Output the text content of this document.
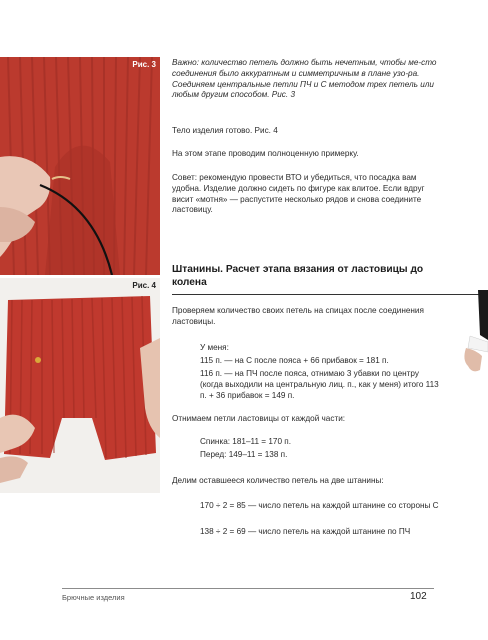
Рис. 3
Рис. 4

Важно: количество петель должно быть нечетным, чтобы ме-сто соединения было аккуратным и симметричным в плане узо-ра. Соединяем центральные петли ПЧ и С методом трех петель или любым другим способом. Рис. 3

Тело изделия готово. Рис. 4

На этом этапе проводим полноценную примерку.

Совет: рекомендую провести ВТО и убедиться, что посадка вам удобна. Изделие должно сидеть по фигуре как влитое. Если вдруг висит «мотня» — распустите несколько рядов и снова соедините ластовицу.

Штанины. Расчет этапа вязания от ластовицы до колена

Проверяем количество своих петель на спицах после соединения ластовицы.

У меня:

115 п. — на С после пояса + 66 прибавок = 181 п.

116 п. — на ПЧ после пояса, отнимаю 3 убавки по центру (когда выходили на центральную лиц. п., как у меня) итого 113 п. + 36 прибавок = 149 п.

Отнимаем петли ластовицы от каждой части:

Спинка: 181–11 = 170 п.

Перед: 149–11 = 138 п.

Делим оставшееся количество петель на две штанины:

170 ÷ 2 = 85 — число петель на каждой штанине со стороны С

138 ÷ 2 = 69 — число петель на каждой штанине по ПЧ

Брючные изделия	102
